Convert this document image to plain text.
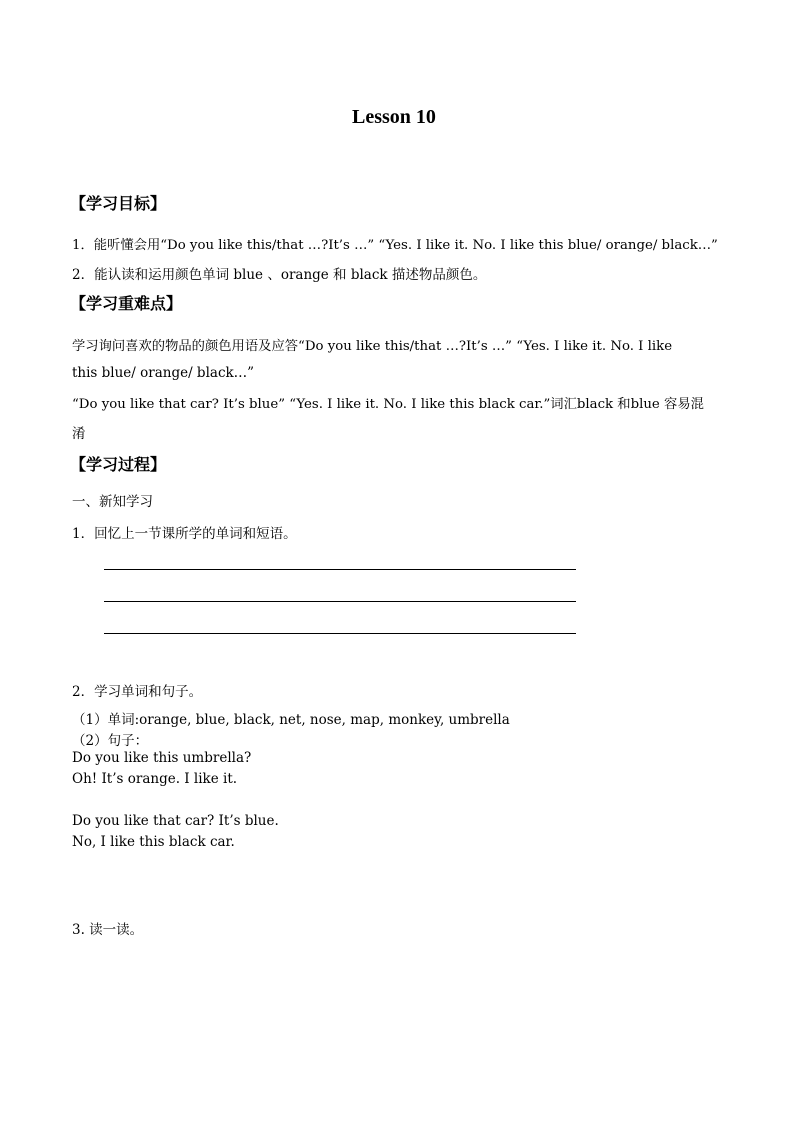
Lesson 10
【学习目标】
1．能听懂会用“Do you like this/that …?It’s …” “Yes. I like it. No. I like this blue/ orange/ black…”
2．能认读和运用颜色单词 blue 、orange 和 black 描述物品颜色。
【学习重难点】
学习询问喜欢的物品的颜色用语及应答“Do you like this/that …?It’s …” “Yes. I like it. No. I like
this blue/ orange/ black…”
“Do you like that car? It’s blue” “Yes. I like it. No. I like this black car.”词汇black 和blue 容易混
淆
【学习过程】
一、新知学习
1．回忆上一节课所学的单词和短语。
2．学习单词和句子。
（1）单词:orange, blue, black, net, nose, map, monkey, umbrella
（2）句子：
Do you like this umbrella?
Oh! It’s orange. I like it.
Do you like that car? It’s blue.
No, I like this black car.
3. 读一读。
